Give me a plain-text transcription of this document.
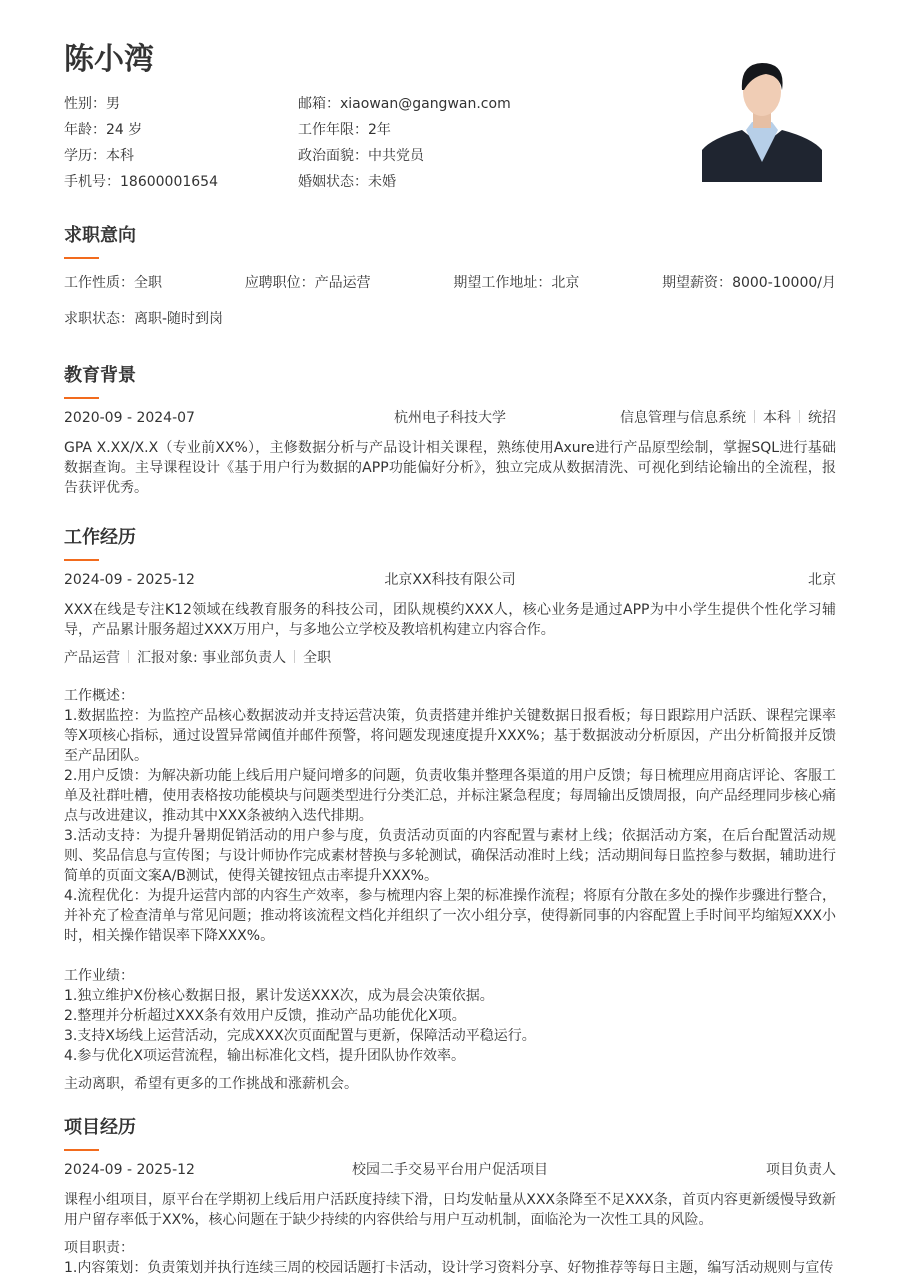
陈小湾
性别：男	邮箱：xiaowan@gangwan.com
年龄：24 岁	工作年限：2年
学历：本科	政治面貌：中共党员
手机号：18600001654	婚姻状态：未婚
求职意向
工作性质：全职	应聘职位：产品运营	期望工作地址：北京	期望薪资：8000-10000/月
求职状态：离职-随时到岗
教育背景
2020-09 - 2024-07	杭州电子科技大学	信息管理与信息系统 本科 统招
GPA X.XX/X.X（专业前XX%），主修数据分析与产品设计相关课程，熟练使用Axure进行产品原型绘制，掌握SQL进行基础数据查询。主导课程设计《基于用户行为数据的APP功能偏好分析》，独立完成从数据清洗、可视化到结论输出的全流程，报告获评优秀。
工作经历
2024-09 - 2025-12	北京XX科技有限公司	北京
XXX在线是专注K12领域在线教育服务的科技公司，团队规模约XXX人，核心业务是通过APP为中小学生提供个性化学习辅导，产品累计服务超过XXX万用户，与多地公立学校及教培机构建立内容合作。
产品运营 汇报对象: 事业部负责人 全职
工作概述：
1.数据监控：为监控产品核心数据波动并支持运营决策，负责搭建并维护关键数据日报看板；每日跟踪用户活跃、课程完课率等X项核心指标，通过设置异常阈值并邮件预警，将问题发现速度提升XXX%；基于数据波动分析原因，产出分析简报并反馈至产品团队。
2.用户反馈：为解决新功能上线后用户疑问增多的问题，负责收集并整理各渠道的用户反馈；每日梳理应用商店评论、客服工单及社群吐槽，使用表格按功能模块与问题类型进行分类汇总，并标注紧急程度；每周输出反馈周报，向产品经理同步核心痛点与改进建议，推动其中XXX条被纳入迭代排期。
3.活动支持：为提升暑期促销活动的用户参与度，负责活动页面的内容配置与素材上线；依据活动方案，在后台配置活动规则、奖品信息与宣传图；与设计师协作完成素材替换与多轮测试，确保活动准时上线；活动期间每日监控参与数据，辅助进行简单的页面文案A/B测试，使得关键按钮点击率提升XXX%。
4.流程优化：为提升运营内部的内容生产效率，参与梳理内容上架的标准操作流程；将原有分散在多处的操作步骤进行整合，并补充了检查清单与常见问题；推动将该流程文档化并组织了一次小组分享，使得新同事的内容配置上手时间平均缩短XXX小时，相关操作错误率下降XXX%。
工作业绩：
1.独立维护X份核心数据日报，累计发送XXX次，成为晨会决策依据。
2.整理并分析超过XXX条有效用户反馈，推动产品功能优化X项。
3.支持X场线上运营活动，完成XXX次页面配置与更新，保障活动平稳运行。
4.参与优化X项运营流程，输出标准化文档，提升团队协作效率。
主动离职，希望有更多的工作挑战和涨薪机会。
项目经历
2024-09 - 2025-12	校园二手交易平台用户促活项目	项目负责人
课程小组项目，原平台在学期初上线后用户活跃度持续下滑，日均发帖量从XXX条降至不足XXX条，首页内容更新缓慢导致新用户留存率低于XX%，核心问题在于缺少持续的内容供给与用户互动机制，面临沦为一次性工具的风险。
项目职责：
1.内容策划：负责策划并执行连续三周的校园话题打卡活动，设计学习资料分享、好物推荐等每日主题，编写活动规则与宣传
